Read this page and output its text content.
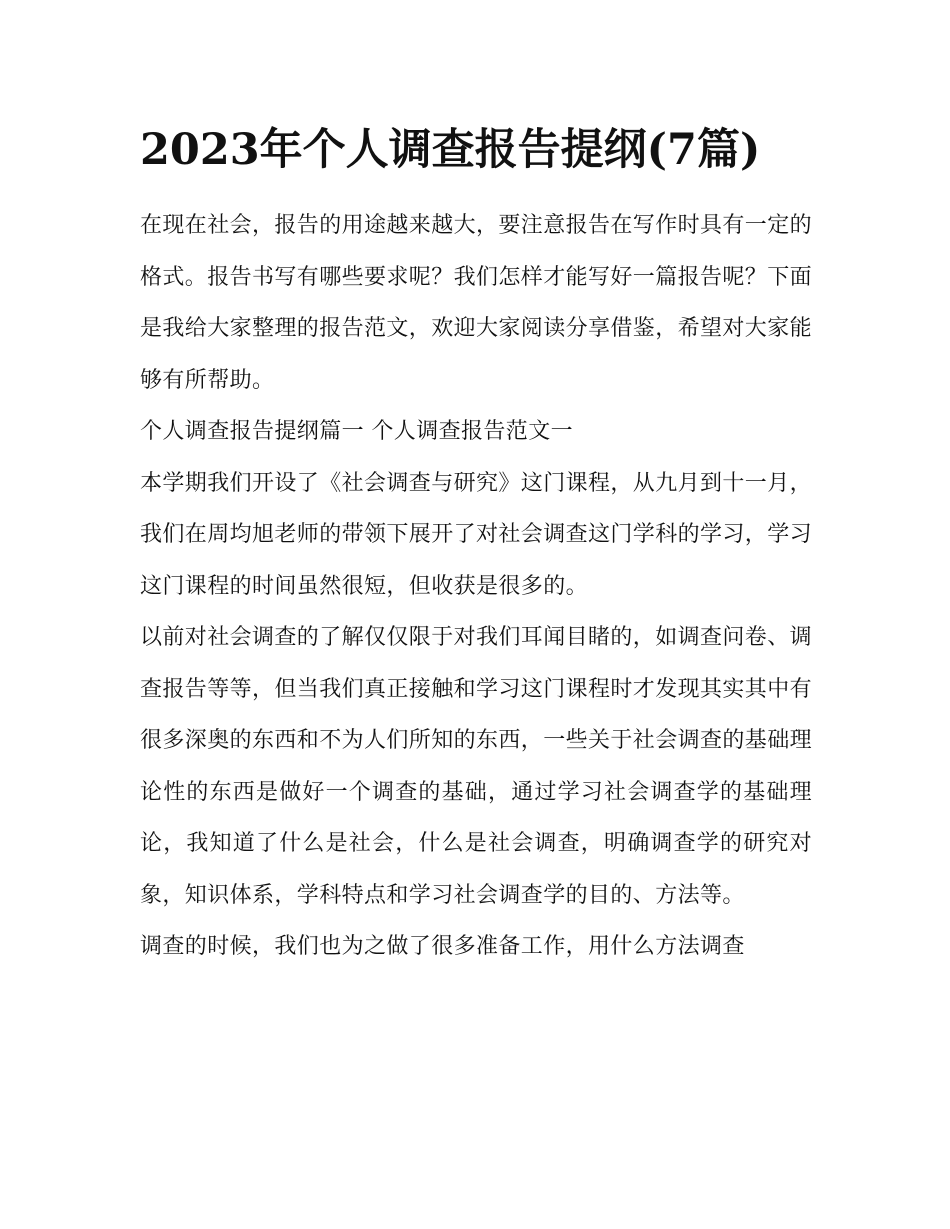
2023年个人调查报告提纲(7篇)

在现在社会，报告的用途越来越大，要注意报告在写作时具有一定的格式。报告书写有哪些要求呢？我们怎样才能写好一篇报告呢？下面是我给大家整理的报告范文，欢迎大家阅读分享借鉴，希望对大家能够有所帮助。

个人调查报告提纲篇一 个人调查报告范文一

本学期我们开设了《社会调查与研究》这门课程，从九月到十一月，我们在周均旭老师的带领下展开了对社会调查这门学科的学习，学习这门课程的时间虽然很短，但收获是很多的。

以前对社会调查的了解仅仅限于对我们耳闻目睹的，如调查问卷、调查报告等等，但当我们真正接触和学习这门课程时才发现其实其中有很多深奥的东西和不为人们所知的东西，一些关于社会调查的基础理论性的东西是做好一个调查的基础，通过学习社会调查学的基础理论，我知道了什么是社会，什么是社会调查，明确调查学的研究对象，知识体系，学科特点和学习社会调查学的目的、方法等。

调查的时候，我们也为之做了很多准备工作，用什么方法调查
